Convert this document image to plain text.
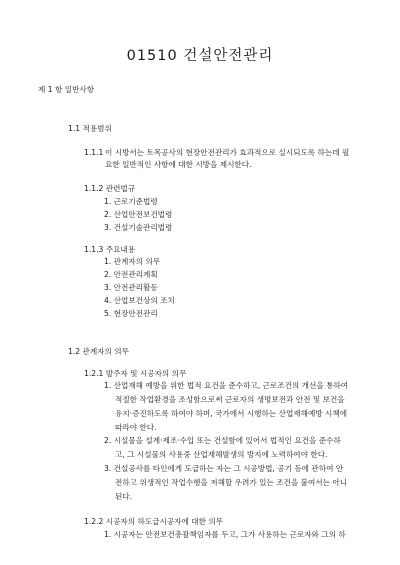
01510 건설안전관리
제 1 항 일반사항
1.1 적용범위
1.1.1 이 시방서는 토목공사의 현장안전관리가 효과적으로 실시되도록 하는데 필
요한 일반적인 사항에 대한 시방을 제시한다.
1.1.2 관련법규
1. 근로기준법령
2. 산업안전보건법령
3. 건설기술관리법령
1.1.3 주요내용
1. 관계자의 의무
2. 안전관리계획
3. 안전관리활동
4. 산업보건상의 조치
5. 현장안전관리
1.2 관계자의 의무
1.2.1 발주자 및 시공자의 의무
1. 산업재해 예방을 위한 법적 요건을 준수하고, 근로조건의 개선을 통하여
적절한 작업환경을 조성함으로써 근로자의 생명보전과 안전 및 보건을
유지·증진하도록 하여야 하며, 국가에서 시행하는 산업재해예방 시책에
따라야 한다.
2. 시설물을 설계·제조·수입 또는 건설함에 있어서 법적인 요건을 준수하
고, 그 시설물의 사용중 산업재해발생의 방지에 노력하여야 한다.
3. 건설공사를 타인에게 도급하는 자는 그 시공방법, 공기 등에 관하여 안
전하고 위생적인 작업수행을 저해할 우려가 있는 조건을 붙여서는 아니
된다.
1.2.2 시공자의 하도급시공자에 대한 의무
1. 시공자는 안전보건총괄책임자를 두고, 그가 사용하는 근로자와 그의 하
